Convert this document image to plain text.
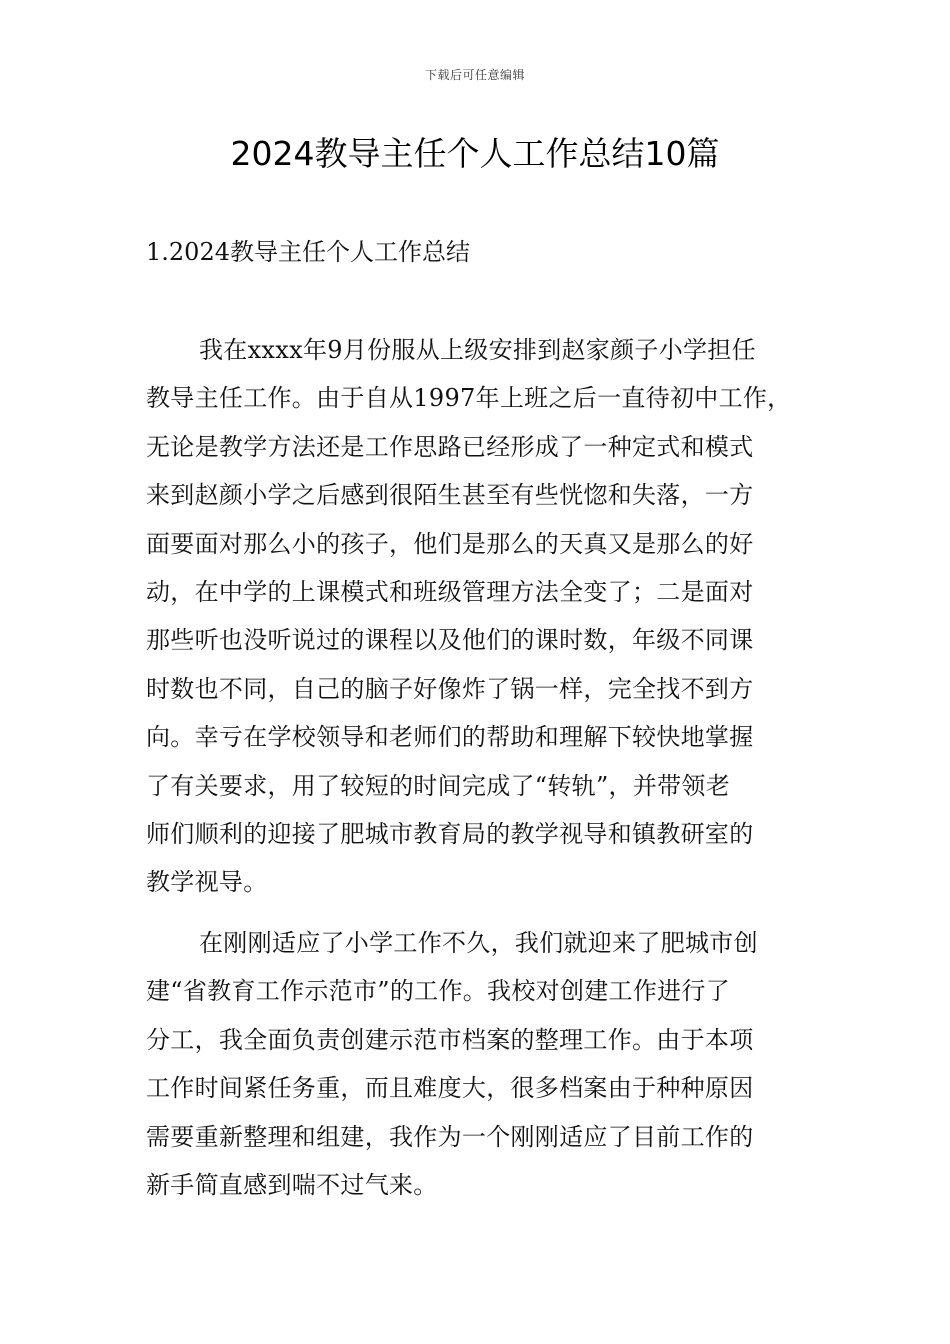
下载后可任意编辑
2024教导主任个人工作总结10篇
1.2024教导主任个人工作总结

我在xxxx年9月份服从上级安排到赵家颜子小学担任
教导主任工作。由于自从1997年上班之后一直待初中工作，
无论是教学方法还是工作思路已经形成了一种定式和模式
来到赵颜小学之后感到很陌生甚至有些恍惚和失落，一方
面要面对那么小的孩子，他们是那么的天真又是那么的好
动，在中学的上课模式和班级管理方法全变了；二是面对
那些听也没听说过的课程以及他们的课时数，年级不同课
时数也不同，自己的脑子好像炸了锅一样，完全找不到方
向。幸亏在学校领导和老师们的帮助和理解下较快地掌握
了有关要求，用了较短的时间完成了“转轨”，并带领老
师们顺利的迎接了肥城市教育局的教学视导和镇教研室的
教学视导。

在刚刚适应了小学工作不久，我们就迎来了肥城市创
建“省教育工作示范市”的工作。我校对创建工作进行了
分工，我全面负责创建示范市档案的整理工作。由于本项
工作时间紧任务重，而且难度大，很多档案由于种种原因
需要重新整理和组建，我作为一个刚刚适应了目前工作的
新手简直感到喘不过气来。
